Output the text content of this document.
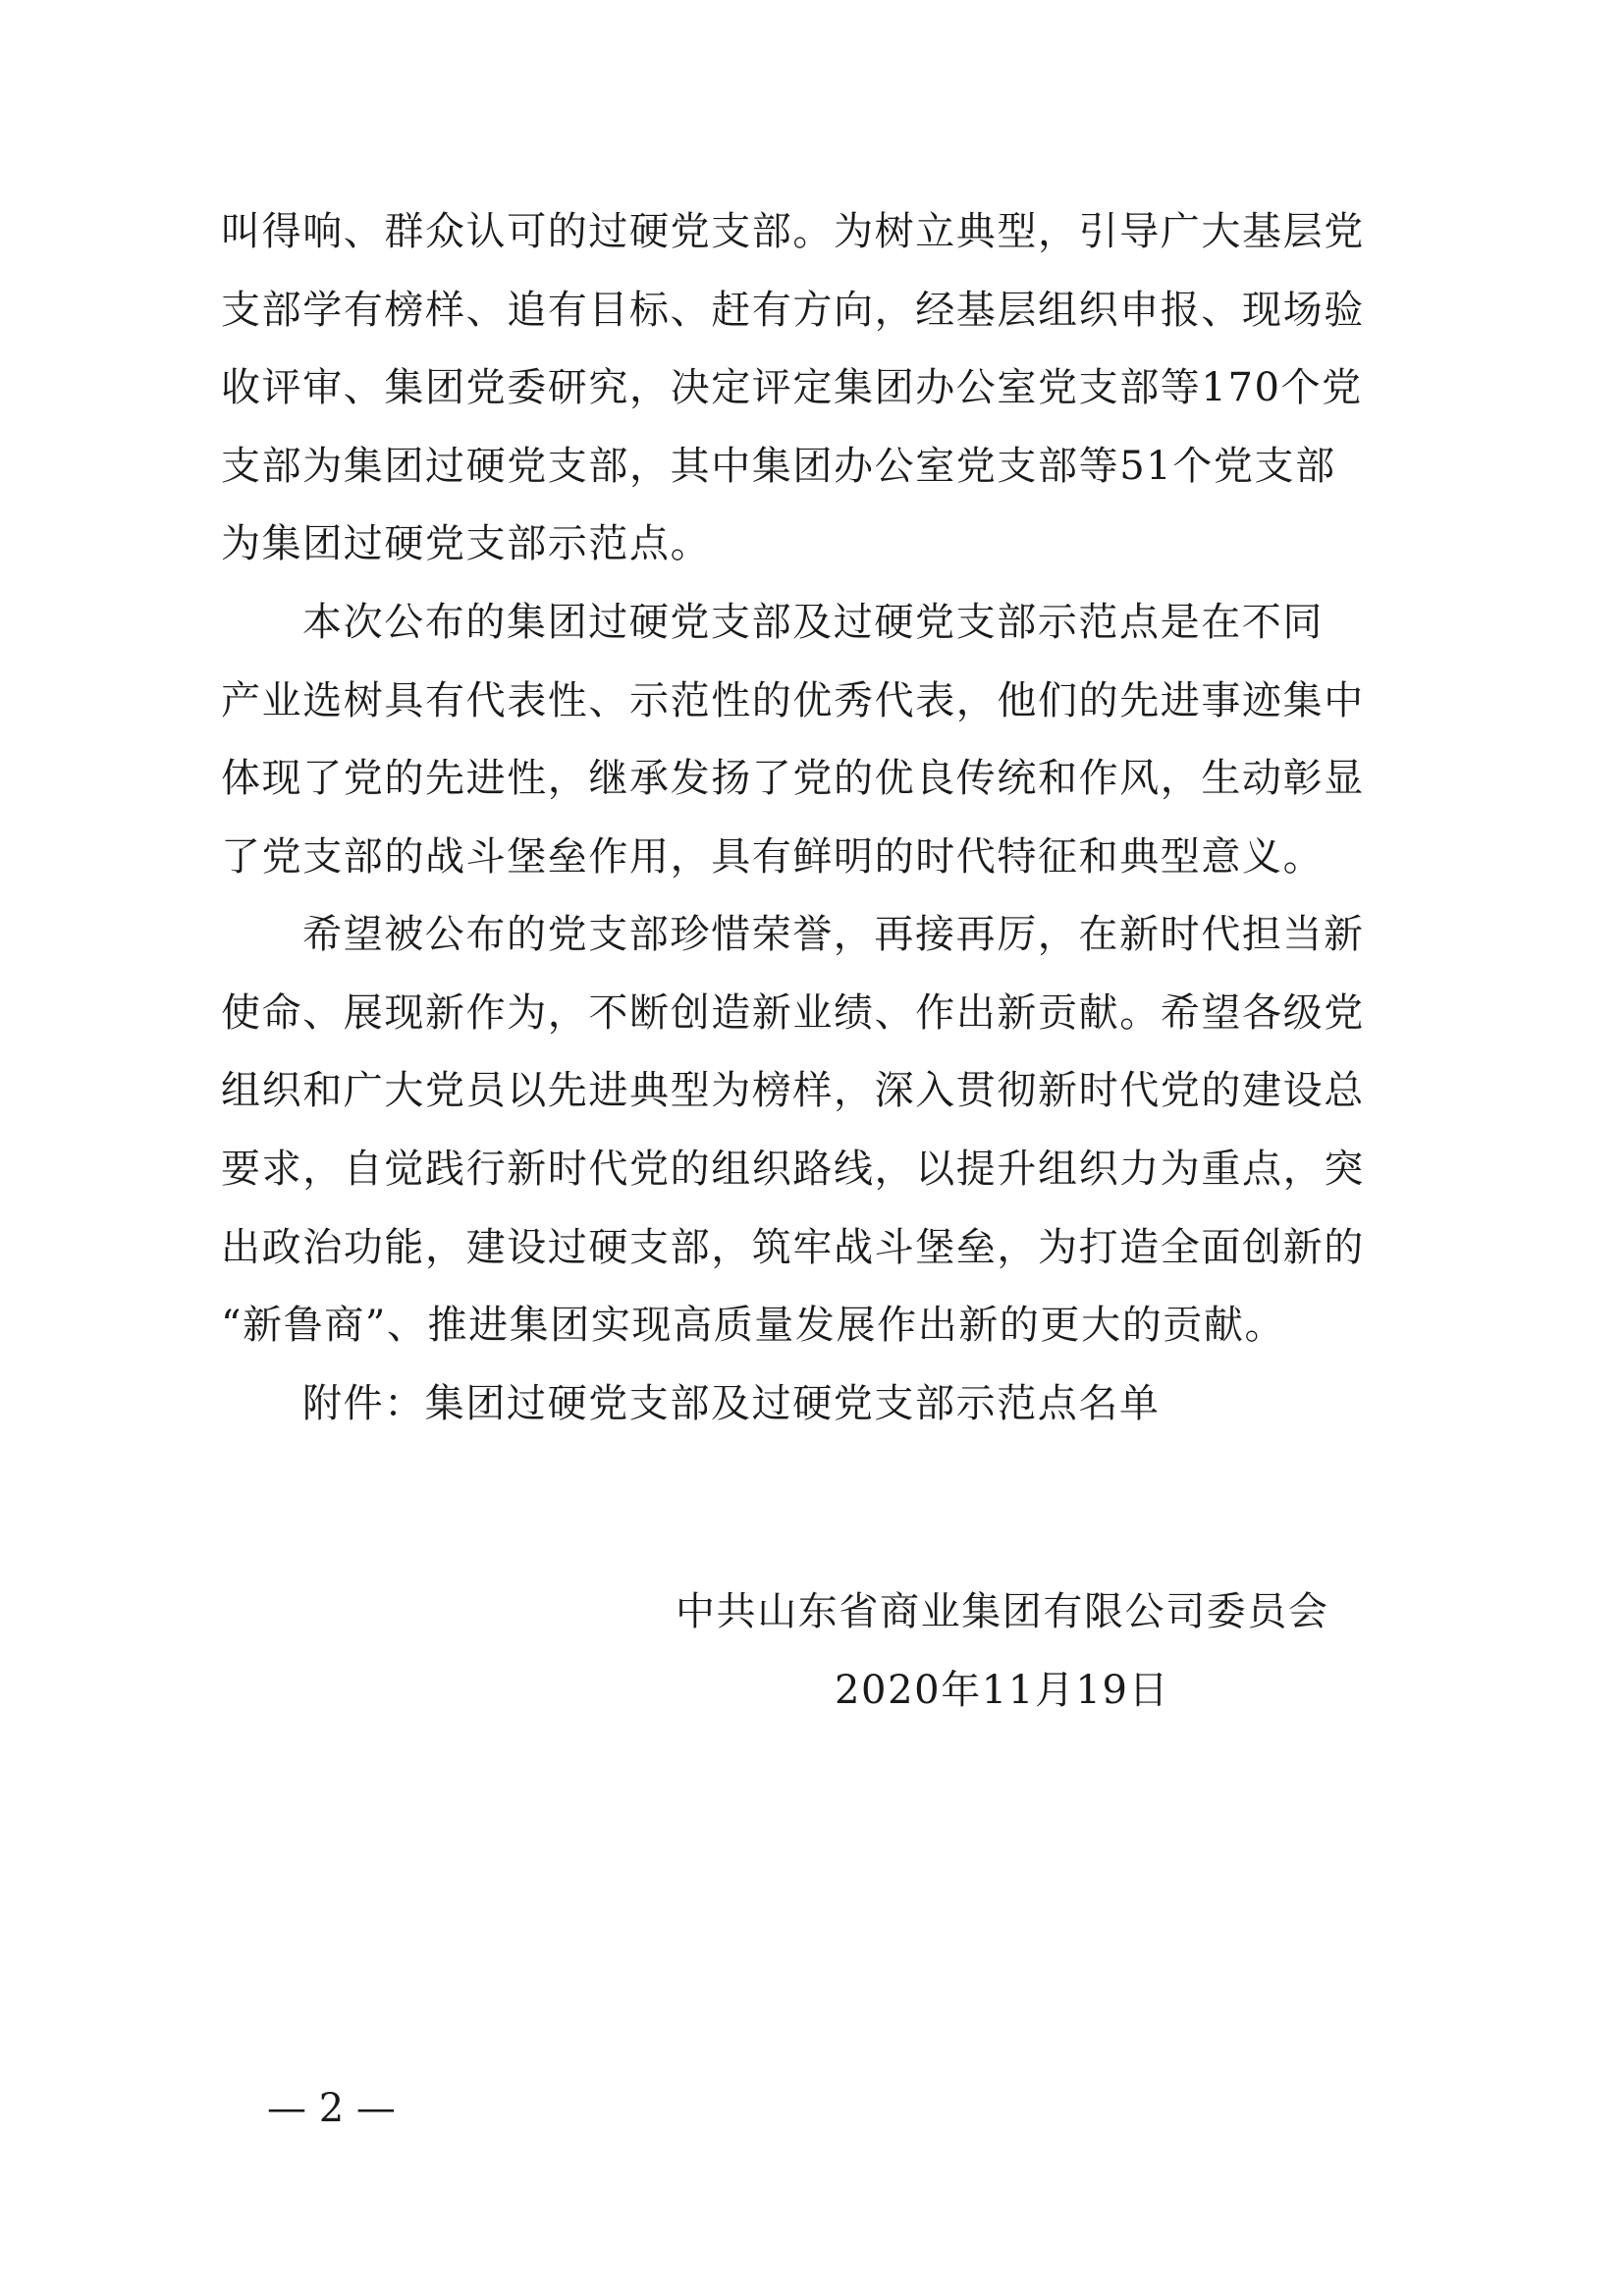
叫得响、群众认可的过硬党支部。为树立典型，引导广大基层党
支部学有榜样、追有目标、赶有方向，经基层组织申报、现场验
收评审、集团党委研究，决定评定集团办公室党支部等170个党
支部为集团过硬党支部，其中集团办公室党支部等51个党支部
为集团过硬党支部示范点。
本次公布的集团过硬党支部及过硬党支部示范点是在不同
产业选树具有代表性、示范性的优秀代表，他们的先进事迹集中
体现了党的先进性，继承发扬了党的优良传统和作风，生动彰显
了党支部的战斗堡垒作用，具有鲜明的时代特征和典型意义。
希望被公布的党支部珍惜荣誉，再接再厉，在新时代担当新
使命、展现新作为，不断创造新业绩、作出新贡献。希望各级党
组织和广大党员以先进典型为榜样，深入贯彻新时代党的建设总
要求，自觉践行新时代党的组织路线，以提升组织力为重点，突
出政治功能，建设过硬支部，筑牢战斗堡垒，为打造全面创新的
“新鲁商”、推进集团实现高质量发展作出新的更大的贡献。
附件：集团过硬党支部及过硬党支部示范点名单
中共山东省商业集团有限公司委员会
2020年11月19日
— 2 —
